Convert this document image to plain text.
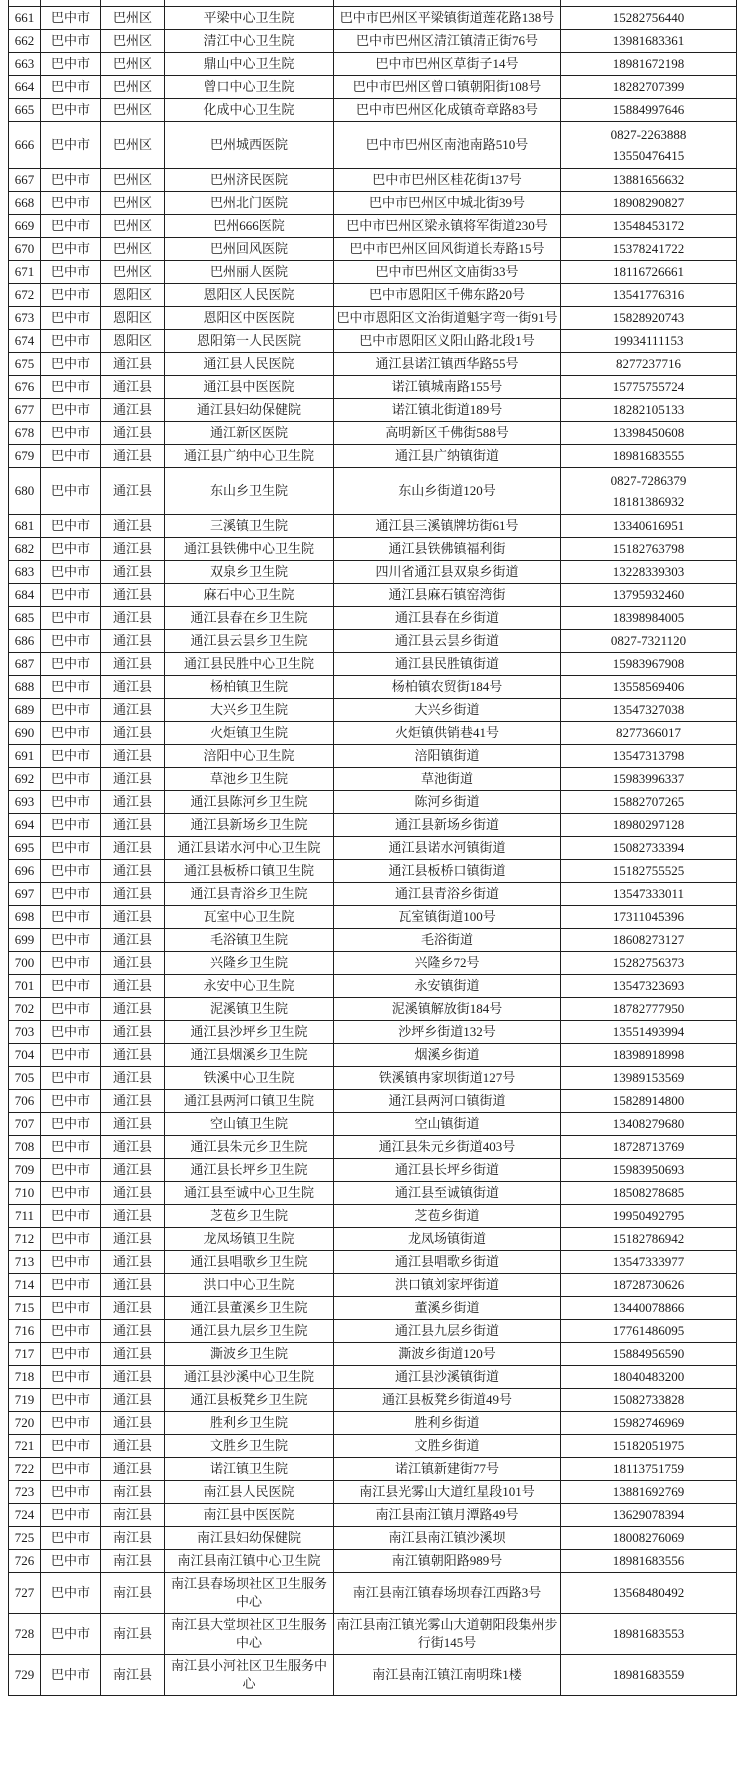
661	巴中市	巴州区	平梁中心卫生院	巴中市巴州区平梁镇街道莲花路138号	15282756440

662	巴中市	巴州区	清江中心卫生院	巴中市巴州区清江镇清正街76号	13981683361

663	巴中市	巴州区	鼎山中心卫生院	巴中市巴州区草街子14号	18981672198

664	巴中市	巴州区	曾口中心卫生院	巴中市巴州区曾口镇朝阳街108号	18282707399

665	巴中市	巴州区	化成中心卫生院	巴中市巴州区化成镇奇章路83号	15884997646

666	巴中市	巴州区	巴州城西医院	巴中市巴州区南池南路510号	0827-2263888
13550476415

667	巴中市	巴州区	巴州济民医院	巴中市巴州区桂花街137号	13881656632

668	巴中市	巴州区	巴州北门医院	巴中市巴州区中城北街39号	18908290827

669	巴中市	巴州区	巴州666医院	巴中市巴州区梁永镇将军街道230号	13548453172

670	巴中市	巴州区	巴州回风医院	巴中市巴州区回风街道长寿路15号	15378241722

671	巴中市	巴州区	巴州丽人医院	巴中市巴州区文庙街33号	18116726661

672	巴中市	恩阳区	恩阳区人民医院	巴中市恩阳区千佛东路20号	13541776316

673	巴中市	恩阳区	恩阳区中医医院	巴中市恩阳区文治街道魁字弯一街91号	15828920743

674	巴中市	恩阳区	恩阳第一人民医院	巴中市恩阳区义阳山路北段1号	19934111153

675	巴中市	通江县	通江县人民医院	通江县诺江镇西华路55号	8277237716

676	巴中市	通江县	通江县中医医院	诺江镇城南路155号	15775755724

677	巴中市	通江县	通江县妇幼保健院	诺江镇北街道189号	18282105133

678	巴中市	通江县	通江新区医院	高明新区千佛街588号	13398450608

679	巴中市	通江县	通江县广纳中心卫生院	通江县广纳镇街道	18981683555

680	巴中市	通江县	东山乡卫生院	东山乡街道120号	0827-7286379
18181386932

681	巴中市	通江县	三溪镇卫生院	通江县三溪镇牌坊街61号	13340616951

682	巴中市	通江县	通江县铁佛中心卫生院	通江县铁佛镇福利街	15182763798

683	巴中市	通江县	双泉乡卫生院	四川省通江县双泉乡街道	13228339303

684	巴中市	通江县	麻石中心卫生院	通江县麻石镇窑湾街	13795932460

685	巴中市	通江县	通江县春在乡卫生院	通江县春在乡街道	18398984005

686	巴中市	通江县	通江县云昙乡卫生院	通江县云昙乡街道	0827-7321120

687	巴中市	通江县	通江县民胜中心卫生院	通江县民胜镇街道	15983967908

688	巴中市	通江县	杨柏镇卫生院	杨柏镇农贸街184号	13558569406

689	巴中市	通江县	大兴乡卫生院	大兴乡街道	13547327038

690	巴中市	通江县	火炬镇卫生院	火炬镇供销巷41号	8277366017

691	巴中市	通江县	涪阳中心卫生院	涪阳镇街道	13547313798

692	巴中市	通江县	草池乡卫生院	草池街道	15983996337

693	巴中市	通江县	通江县陈河乡卫生院	陈河乡街道	15882707265

694	巴中市	通江县	通江县新场乡卫生院	通江县新场乡街道	18980297128

695	巴中市	通江县	通江县诺水河中心卫生院	通江县诺水河镇街道	15082733394

696	巴中市	通江县	通江县板桥口镇卫生院	通江县板桥口镇街道	15182755525

697	巴中市	通江县	通江县青浴乡卫生院	通江县青浴乡街道	13547333011

698	巴中市	通江县	瓦室中心卫生院	瓦室镇街道100号	17311045396

699	巴中市	通江县	毛浴镇卫生院	毛浴街道	18608273127

700	巴中市	通江县	兴隆乡卫生院	兴隆乡72号	15282756373

701	巴中市	通江县	永安中心卫生院	永安镇街道	13547323693

702	巴中市	通江县	泥溪镇卫生院	泥溪镇解放街184号	18782777950

703	巴中市	通江县	通江县沙坪乡卫生院	沙坪乡街道132号	13551493994

704	巴中市	通江县	通江县烟溪乡卫生院	烟溪乡街道	18398918998

705	巴中市	通江县	铁溪中心卫生院	铁溪镇冉家坝街道127号	13989153569

706	巴中市	通江县	通江县两河口镇卫生院	通江县两河口镇街道	15828914800

707	巴中市	通江县	空山镇卫生院	空山镇街道	13408279680

708	巴中市	通江县	通江县朱元乡卫生院	通江县朱元乡街道403号	18728713769

709	巴中市	通江县	通江县长坪乡卫生院	通江县长坪乡街道	15983950693

710	巴中市	通江县	通江县至诚中心卫生院	通江县至诚镇街道	18508278685

711	巴中市	通江县	芝苞乡卫生院	芝苞乡街道	19950492795

712	巴中市	通江县	龙凤场镇卫生院	龙凤场镇街道	15182786942

713	巴中市	通江县	通江县唱歌乡卫生院	通江县唱歌乡街道	13547333977

714	巴中市	通江县	洪口中心卫生院	洪口镇刘家坪街道	18728730626

715	巴中市	通江县	通江县董溪乡卫生院	董溪乡街道	13440078866

716	巴中市	通江县	通江县九层乡卫生院	通江县九层乡街道	17761486095

717	巴中市	通江县	澌波乡卫生院	澌波乡街道120号	15884956590

718	巴中市	通江县	通江县沙溪中心卫生院	通江县沙溪镇街道	18040483200

719	巴中市	通江县	通江县板凳乡卫生院	通江县板凳乡街道49号	15082733828

720	巴中市	通江县	胜利乡卫生院	胜利乡街道	15982746969

721	巴中市	通江县	文胜乡卫生院	文胜乡街道	15182051975

722	巴中市	通江县	诺江镇卫生院	诺江镇新建街77号	18113751759

723	巴中市	南江县	南江县人民医院	南江县光雾山大道红星段101号	13881692769

724	巴中市	南江县	南江县中医医院	南江县南江镇月潭路49号	13629078394

725	巴中市	南江县	南江县妇幼保健院	南江县南江镇沙溪坝	18008276069

726	巴中市	南江县	南江县南江镇中心卫生院	南江镇朝阳路989号	18981683556

727	巴中市	南江县	南江县春场坝社区卫生服务中心	南江县南江镇春场坝春江西路3号	13568480492

728	巴中市	南江县	南江县大堂坝社区卫生服务中心	南江县南江镇光雾山大道朝阳段集州步行街145号	18981683553

729	巴中市	南江县	南江县小河社区卫生服务中心	南江县南江镇江南明珠1楼	18981683559
